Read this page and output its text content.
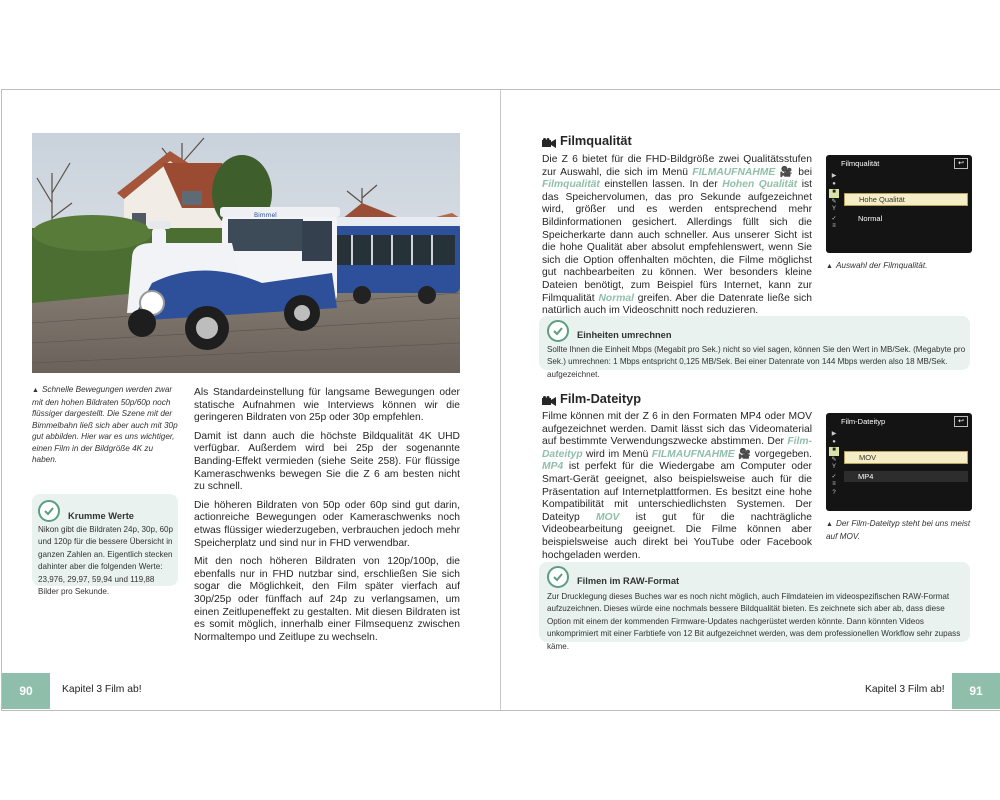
Bimmel
▲ Schnelle Bewegungen werden zwar mit den hohen Bildraten 50p/60p noch flüssiger dargestellt. Die Szene mit der Bimmelbahn ließ sich aber auch mit 30p gut abbilden. Hier war es uns wichtiger, einen Film in der Bildgröße 4K zu haben.

Als Standardeinstellung für langsame Bewegungen oder statische Aufnahmen wie Interviews können wir die geringeren Bildraten von 25p oder 30p empfehlen.

Damit ist dann auch die höchste Bildqualität 4K UHD verfügbar. Außerdem wird bei 25p der sogenannte Banding-Effekt vermieden (siehe Seite 258). Für flüssige Kameraschwenks bewegen Sie die Z 6 am besten nicht zu schnell.

Die höheren Bildraten von 50p oder 60p sind gut darin, actionreiche Bewegungen oder Kameraschwenks noch etwas flüssiger wiederzugeben, verbrauchen jedoch mehr Speicherplatz und sind nur in FHD verwendbar.

Mit den noch höheren Bildraten von 120p/100p, die ebenfalls nur in FHD nutzbar sind, erschließen Sie sich sogar die Möglichkeit, den Film später vierfach auf 30p/25p oder fünffach auf 24p zu verlangsamen, um einen Zeitlupeneffekt zu gestalten. Mit diesen Bildraten ist es somit möglich, innerhalb einer Filmsequenz zwischen Normaltempo und Zeitlupe zu wechseln.

Krumme Werte
Nikon gibt die Bildraten 24p, 30p, 60p und 120p für die bessere Übersicht in ganzen Zahlen an. Eigentlich stecken dahinter aber die folgenden Werte: 23,976, 29,97, 59,94 und 119,88 Bilder pro Sekunde.
90	Kapitel 3 Film ab!
Filmqualität
Die Z 6 bietet für die FHD-Bildgröße zwei Qualitätsstufen zur Auswahl, die sich im Menü FILMAUFNAHME 🎥 bei Filmqualität einstellen lassen. In der Hohen Qualität ist das Speichervolumen, das pro Sekunde aufgezeichnet wird, größer und es werden entsprechend mehr Bildinformationen gesichert. Allerdings füllt sich die Speicherkarte dann auch schneller. Aus unserer Sicht ist die hohe Qualität aber absolut empfehlenswert, wenn Sie sich die Option offenhalten möchten, die Filme möglichst gut nachbearbeiten zu können. Wer besonders kleine Dateien benötigt, zum Beispiel fürs Internet, kann zur Filmqualität Normal greifen. Aber die Datenrate ließe sich natürlich auch im Videoschnitt noch reduzieren.
Filmqualität	↩
▶
●
■
✎
Y
✓
≡
Hohe Qualität
Normal
▲ Auswahl der Filmqualität.
Einheiten umrechnen
Sollte Ihnen die Einheit Mbps (Megabit pro Sek.) nicht so viel sagen, können Sie den Wert in MB/Sek. (Megabyte pro Sek.) umrechnen: 1 Mbps entspricht 0,125 MB/Sek. Bei einer Datenrate von 144 Mbps werden also 18 MB/Sek. aufgezeichnet.
Film-Dateityp
Filme können mit der Z 6 in den Formaten MP4 oder MOV aufgezeichnet werden. Damit lässt sich das Videomaterial auf bestimmte Verwendungszwecke abstimmen. Der Film-Dateityp wird im Menü FILMAUFNAHME 🎥 vorgegeben. MP4 ist perfekt für die Wiedergabe am Computer oder Smart-Gerät geeignet, also beispielsweise auch für die Präsentation auf Internetplattformen. Es besitzt eine hohe Kompatibilität mit unterschiedlichsten Systemen. Der Dateityp MOV ist gut für die nachträgliche Videobearbeitung geeignet. Die Filme können aber beispielsweise auch direkt bei YouTube oder Facebook hochgeladen werden.
Film-Dateityp	↩
▶
●
■
✎
Y
✓
≡
?
MOV
MP4
▲ Der Film-Dateityp steht bei uns meist auf MOV.
Filmen im RAW-Format
Zur Drucklegung dieses Buches war es noch nicht möglich, auch Filmdateien im videospezifischen RAW-Format aufzuzeichnen. Dieses würde eine nochmals bessere Bildqualität bieten. Es zeichnete sich aber ab, dass diese Option mit einem der kommenden Firmware-Updates nachgerüstet werden könnte. Dann könnten Videos unkomprimiert mit einer Farbtiefe von 12 Bit aufgezeichnet werden, was dem professionellen Workflow sehr zupass käme.
Kapitel 3 Film ab!	91
